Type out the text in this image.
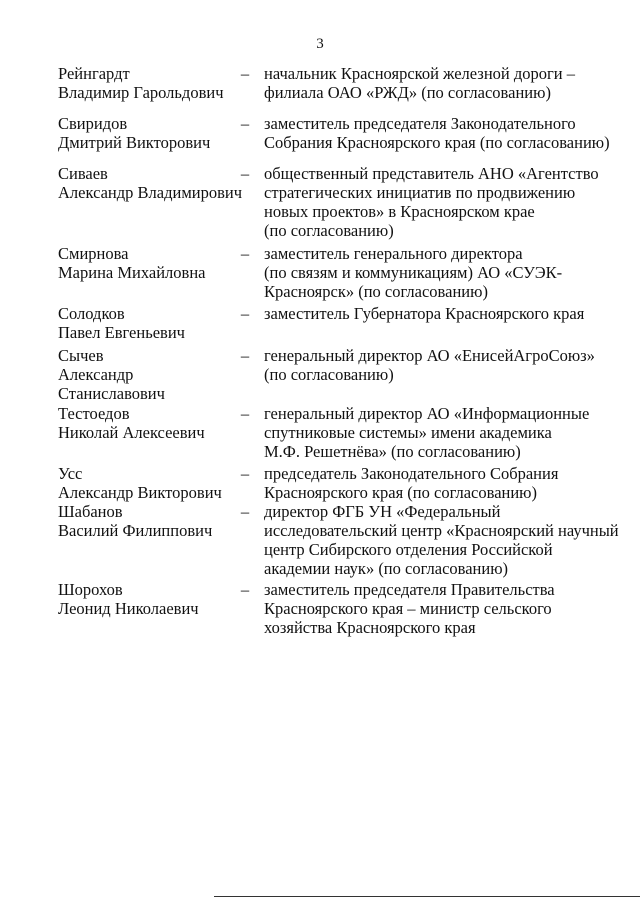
3
Рейнгардт
Владимир Гарольдович
– начальник Красноярской железной дороги –
филиала ОАО «РЖД» (по согласованию)
Свиридов
Дмитрий Викторович
– заместитель председателя Законодательного
Собрания Красноярского края (по согласованию)
Сиваев
Александр Владимирович
– общественный представитель АНО «Агентство
стратегических инициатив по продвижению
новых проектов» в Красноярском крае
(по согласованию)
Смирнова
Марина Михайловна
– заместитель генерального директора
(по связям и коммуникациям) АО «СУЭК-
Красноярск» (по согласованию)
Солодков
Павел Евгеньевич
– заместитель Губернатора Красноярского края
Сычев
Александр
Станиславович
– генеральный директор АО «ЕнисейАгроСоюз»
(по согласованию)
Тестоедов
Николай Алексеевич
– генеральный директор АО «Информационные
спутниковые системы» имени академика
М.Ф. Решетнёва» (по согласованию)
Усс
Александр Викторович
– председатель Законодательного Собрания
Красноярского края (по согласованию)
Шабанов
Василий Филиппович
– директор ФГБ УН «Федеральный
исследовательский центр «Красноярский научный
центр Сибирского отделения Российской
академии наук» (по согласованию)
Шорохов
Леонид Николаевич
– заместитель председателя Правительства
Красноярского края – министр сельского
хозяйства Красноярского края
